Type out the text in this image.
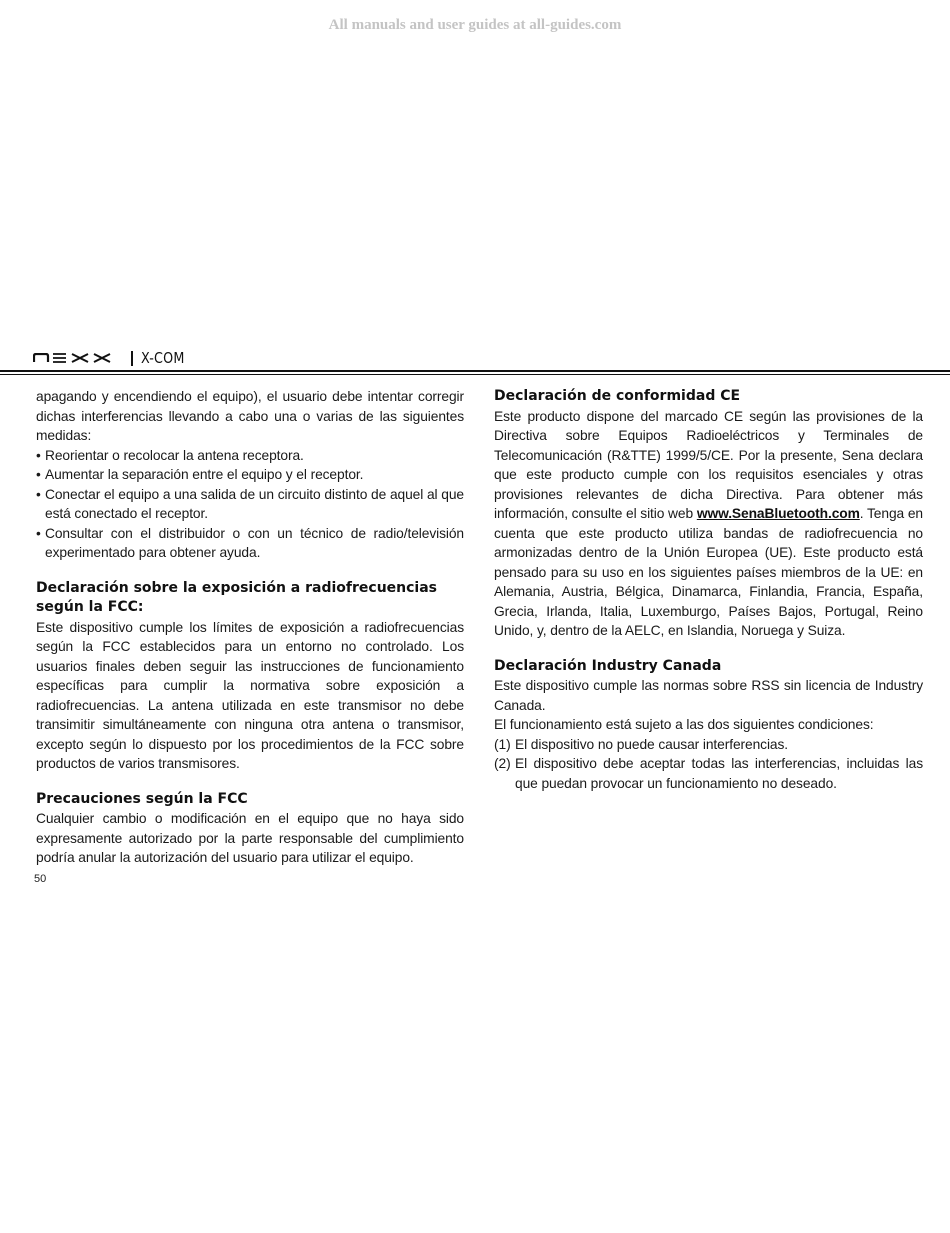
All manuals and user guides at all-guides.com
X-COM

apagando y encendiendo el equipo), el usuario debe intentar corregir dichas interferencias llevando a cabo una o varias de las siguientes medidas:

• Reorientar o recolocar la antena receptora.
• Aumentar la separación entre el equipo y el receptor.
• Conectar el equipo a una salida de un circuito distinto de aquel al que está conectado el receptor.
• Consultar con el distribuidor o con un técnico de radio/televisión experimentado para obtener ayuda.
Declaración sobre la exposición a radiofrecuencias según la FCC:

Este dispositivo cumple los límites de exposición a radiofrecuencias según la FCC establecidos para un entorno no controlado. Los usuarios finales deben seguir las instrucciones de funcionamiento específicas para cumplir la normativa sobre exposición a radiofrecuencias. La antena utilizada en este transmisor no debe transimitir simultáneamente con ninguna otra antena o transmisor, excepto según lo dispuesto por los procedimientos de la FCC sobre productos de varios transmisores.

Precauciones según la FCC

Cualquier cambio o modificación en el equipo que no haya sido expresamente autorizado por la parte responsable del cumplimiento podría anular la autorización del usuario para utilizar el equipo.

Declaración de conformidad CE

Este producto dispone del marcado CE según las provisiones de la Directiva sobre Equipos Radioeléctricos y Terminales de Telecomunicación (R&TTE) 1999/5/CE. Por la presente, Sena declara que este producto cumple con los requisitos esenciales y otras provisiones relevantes de dicha Directiva. Para obtener más información, consulte el sitio web www.SenaBluetooth.com. Tenga en cuenta que este producto utiliza bandas de radiofrecuencia no armonizadas dentro de la Unión Europea (UE). Este producto está pensado para su uso en los siguientes países miembros de la UE: en Alemania, Austria, Bélgica, Dinamarca, Finlandia, Francia, España, Grecia, Irlanda, Italia, Luxemburgo, Países Bajos, Portugal, Reino Unido, y, dentro de la AELC, en Islandia, Noruega y Suiza.

Declaración Industry Canada

Este dispositivo cumple las normas sobre RSS sin licencia de Industry Canada.

El funcionamiento está sujeto a las dos siguientes condiciones:

(1) El dispositivo no puede causar interferencias.
(2) El dispositivo debe aceptar todas las interferencias, incluidas las que puedan provocar un funcionamiento no deseado.
50
